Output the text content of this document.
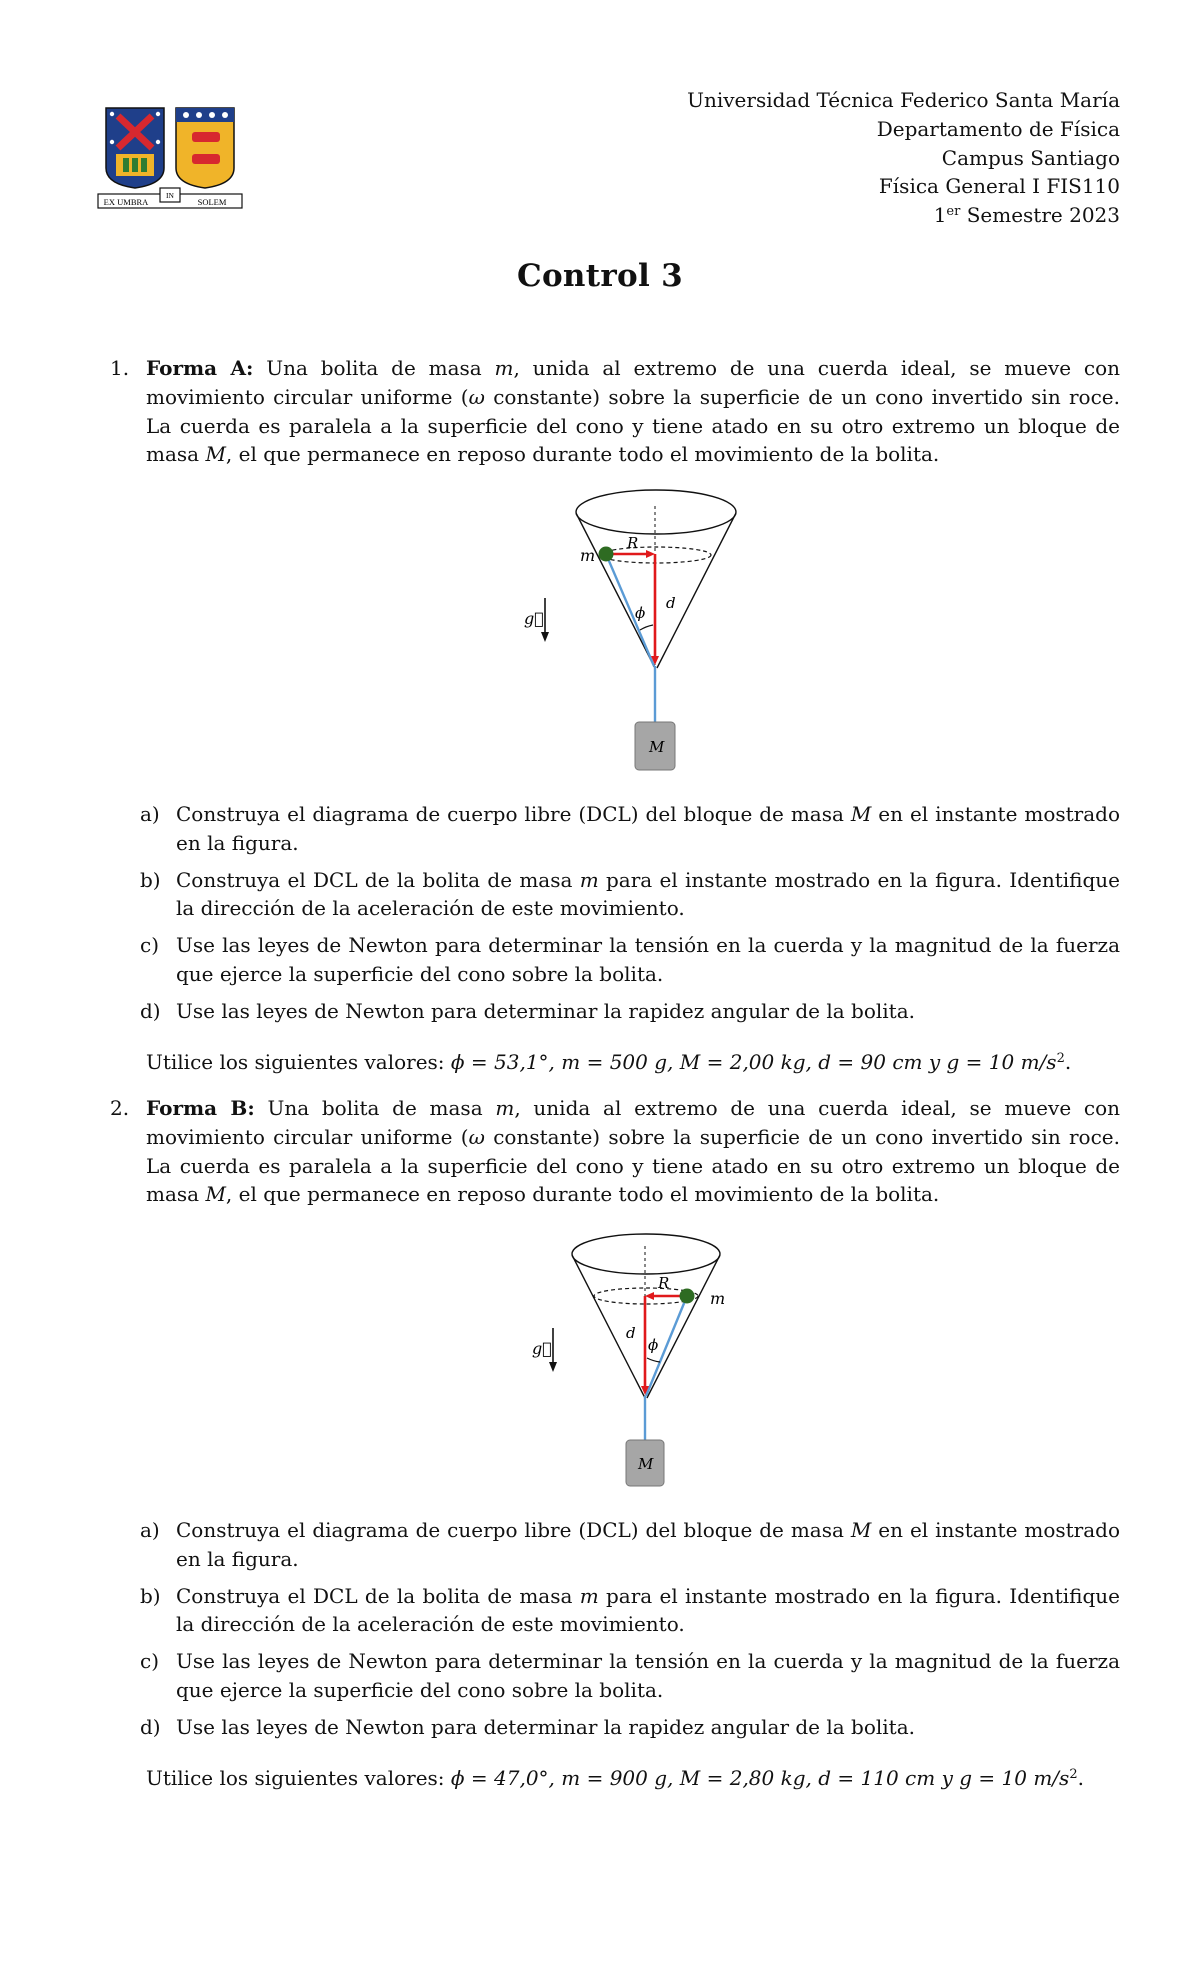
EX UMBRA
IN
SOLEM
Universidad Técnica Federico Santa María
Departamento de Física
Campus Santiago
Física General I FIS110
1er Semestre 2023
Control 3
1. Forma A: Una bolita de masa m, unida al extremo de una cuerda ideal, se mueve con movimiento circular uniforme (ω constante) sobre la superficie de un cono invertido sin roce. La cuerda es paralela a la superficie del cono y tiene atado en su otro extremo un bloque de masa M, el que permanece en reposo durante todo el movimiento de la bolita.
g⃗
m
R
ϕ
d
M
a) Construya el diagrama de cuerpo libre (DCL) del bloque de masa M en el instante mostrado en la figura.
b) Construya el DCL de la bolita de masa m para el instante mostrado en la figura. Identifique la dirección de la aceleración de este movimiento.
c) Use las leyes de Newton para determinar la tensión en la cuerda y la magnitud de la fuerza que ejerce la superficie del cono sobre la bolita.
d) Use las leyes de Newton para determinar la rapidez angular de la bolita.
Utilice los siguientes valores: ϕ = 53,1°, m = 500 g, M = 2,00 kg, d = 90 cm y g = 10 $m/s^2$.
2. Forma B: Una bolita de masa m, unida al extremo de una cuerda ideal, se mueve con movimiento circular uniforme (ω constante) sobre la superficie de un cono invertido sin roce. La cuerda es paralela a la superficie del cono y tiene atado en su otro extremo un bloque de masa M, el que permanece en reposo durante todo el movimiento de la bolita.
g⃗
m
R
ϕ
d
M
a) Construya el diagrama de cuerpo libre (DCL) del bloque de masa M en el instante mostrado en la figura.
b) Construya el DCL de la bolita de masa m para el instante mostrado en la figura. Identifique la dirección de la aceleración de este movimiento.
c) Use las leyes de Newton para determinar la tensión en la cuerda y la magnitud de la fuerza que ejerce la superficie del cono sobre la bolita.
d) Use las leyes de Newton para determinar la rapidez angular de la bolita.
Utilice los siguientes valores: ϕ = 47,0°, m = 900 g, M = 2,80 kg, d = 110 cm y g = 10 $m/s^2$.
